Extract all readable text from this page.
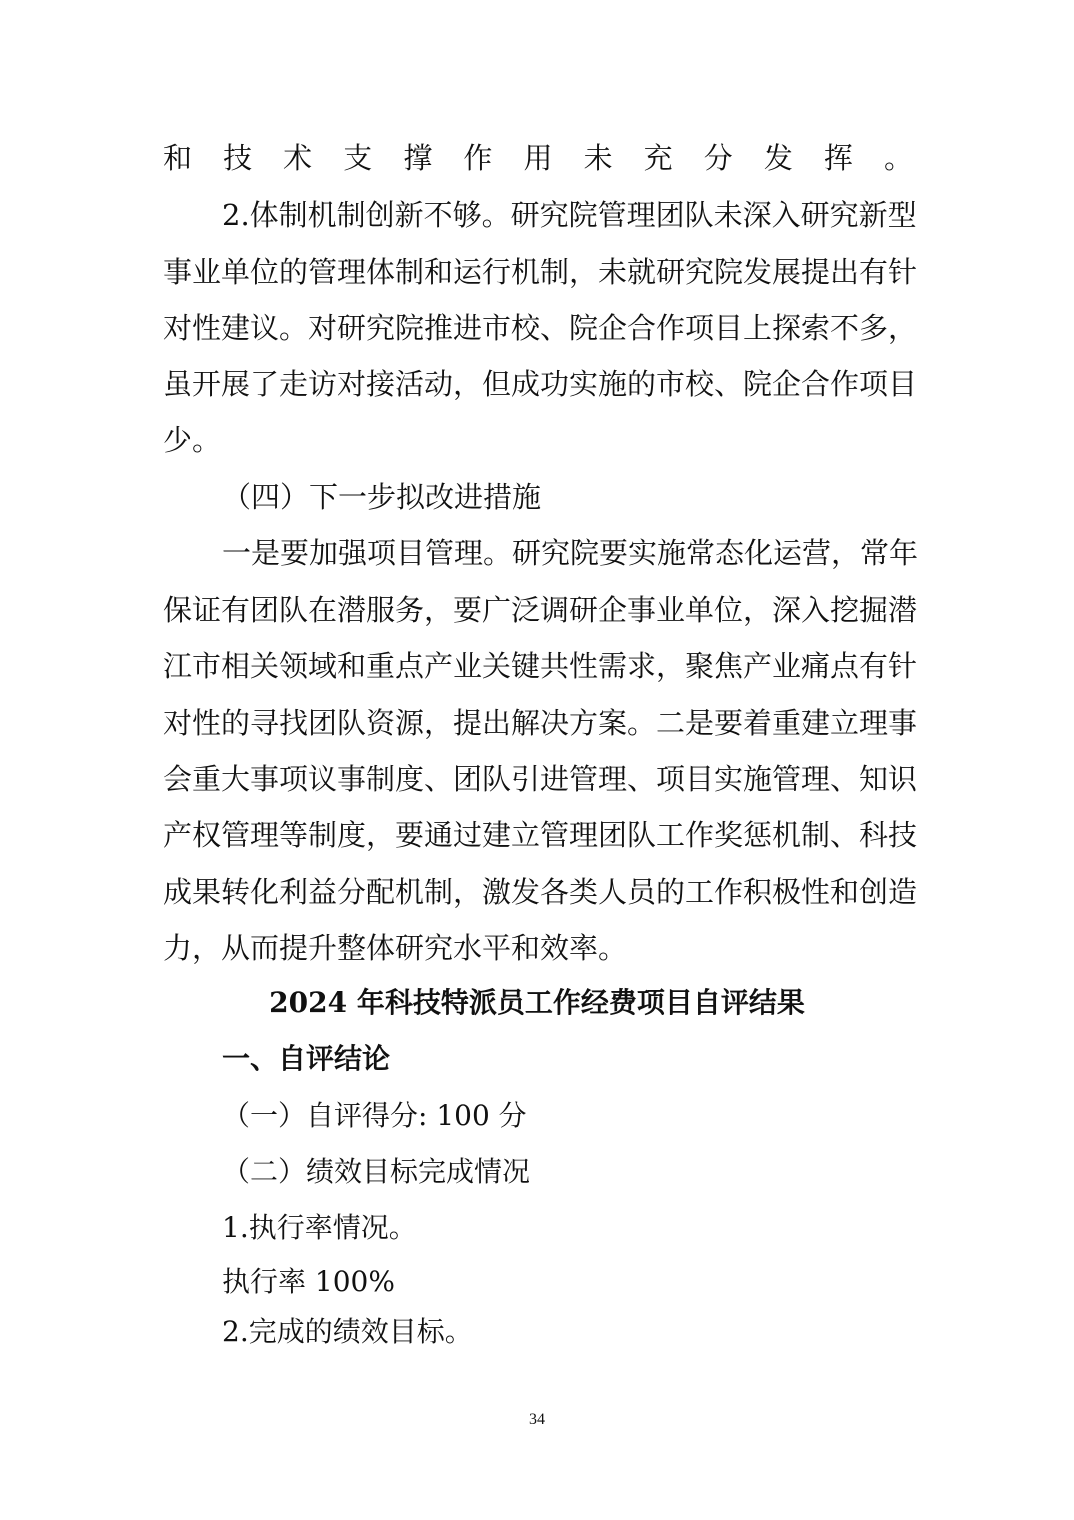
和技术支撑作用未充分发挥。
2.体制机制创新不够。研究院管理团队未深入研究新型
事业单位的管理体制和运行机制，未就研究院发展提出有针
对性建议。对研究院推进市校、院企合作项目上探索不多，
虽开展了走访对接活动，但成功实施的市校、院企合作项目
少。
（四）下一步拟改进措施
一是要加强项目管理。研究院要实施常态化运营，常年
保证有团队在潜服务，要广泛调研企事业单位，深入挖掘潜
江市相关领域和重点产业关键共性需求，聚焦产业痛点有针
对性的寻找团队资源，提出解决方案。二是要着重建立理事
会重大事项议事制度、团队引进管理、项目实施管理、知识
产权管理等制度，要通过建立管理团队工作奖惩机制、科技
成果转化利益分配机制，激发各类人员的工作积极性和创造
力，从而提升整体研究水平和效率。
2024 年科技特派员工作经费项目自评结果
一、自评结论
（一）自评得分: 100 分
（二）绩效目标完成情况
1.执行率情况。
执行率 100%
2.完成的绩效目标。
34
